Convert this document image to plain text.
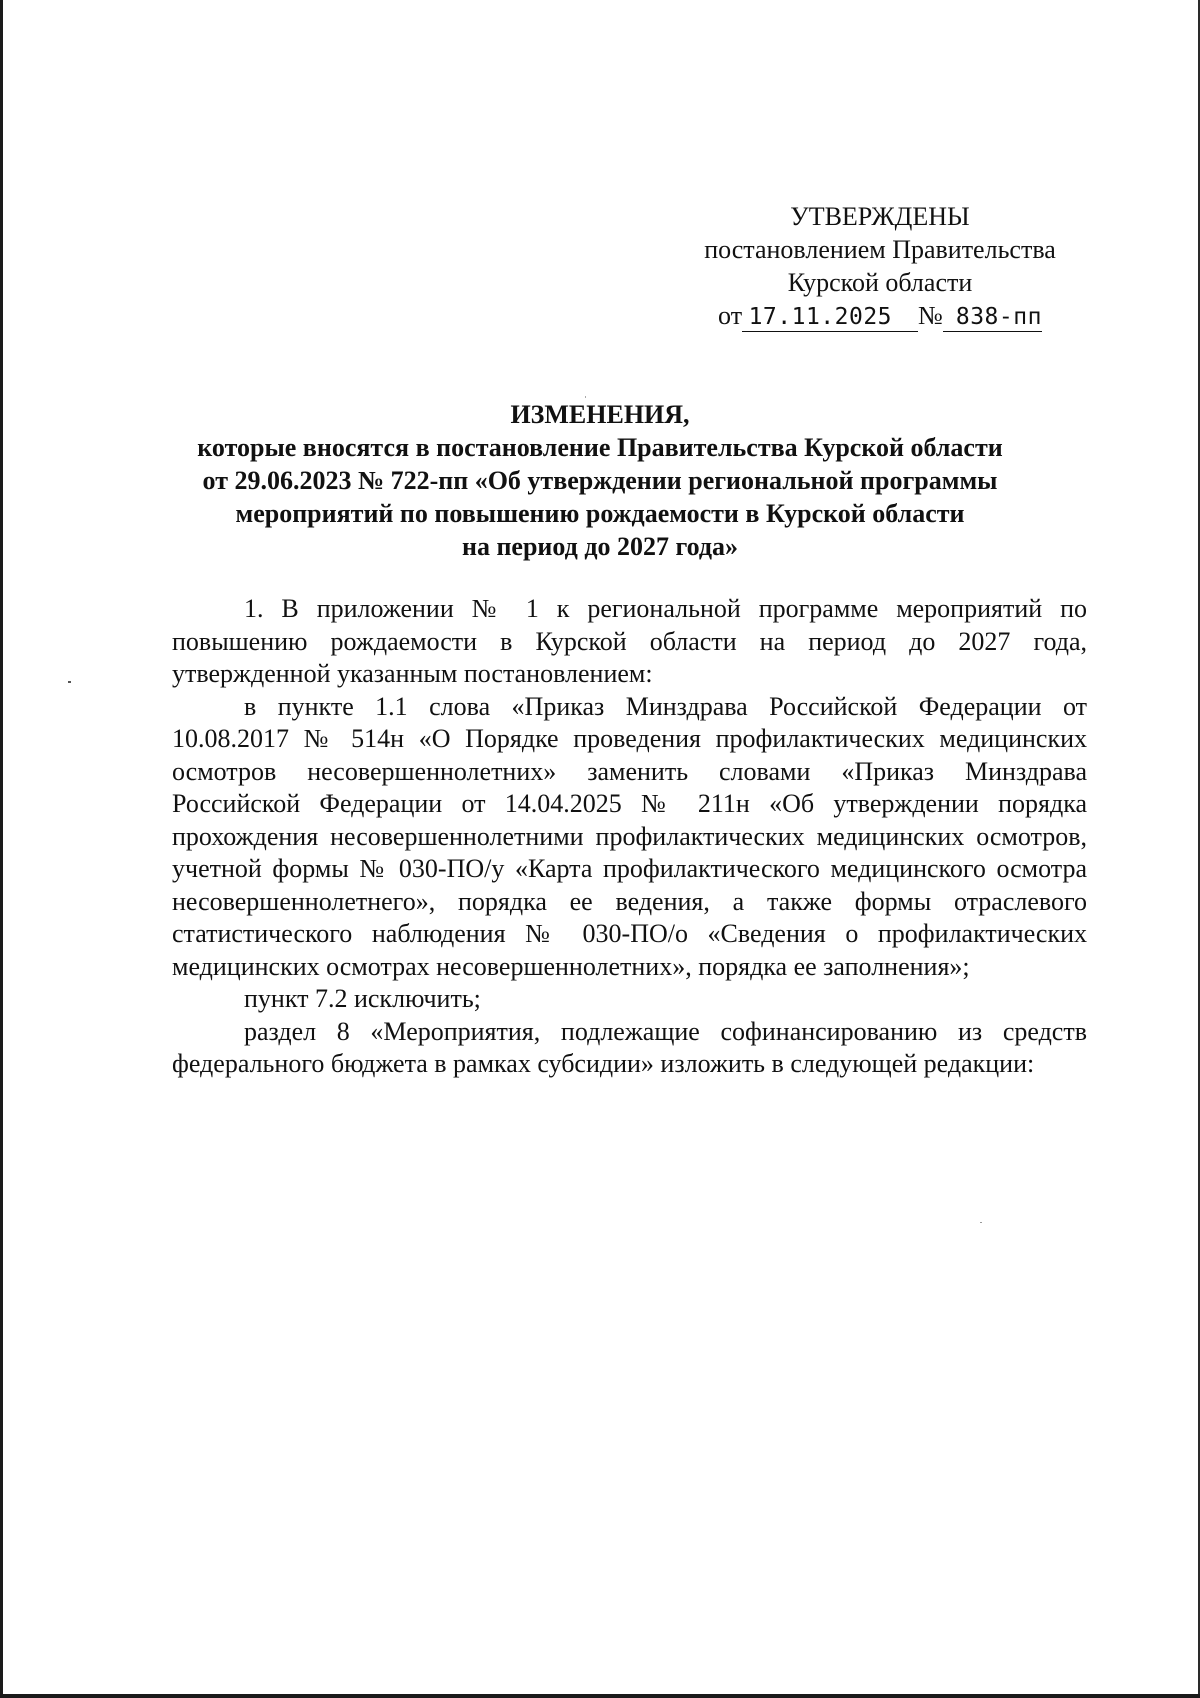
УТВЕРЖДЕНЫ
постановлением Правительства
Курской области
от 17.11.2025 № 838-пп
ИЗМЕНЕНИЯ,
которые вносятся в постановление Правительства Курской области
от 29.06.2023 № 722-пп «Об утверждении региональной программы
мероприятий по повышению рождаемости в Курской области
на период до 2027 года»

1. В приложении № 1 к региональной программе мероприятий по повышению рождаемости в Курской области на период до 2027 года, утвержденной указанным постановлением:

в пункте 1.1 слова «Приказ Минздрава Российской Федерации от 10.08.2017 № 514н «О Порядке проведения профилактических медицинских осмотров несовершеннолетних» заменить словами «Приказ Минздрава Российской Федерации от 14.04.2025 № 211н «Об утверждении порядка прохождения несовершеннолетними профилактических медицинских осмотров, учетной формы № 030-ПО/у «Карта профилактического медицинского осмотра несовершеннолетнего», порядка ее ведения, а также формы отраслевого статистического наблюдения № 030-ПО/о «Сведения о профилактических медицинских осмотрах несовершеннолетних», порядка ее заполнения»;

пункт 7.2 исключить;

раздел 8 «Мероприятия, подлежащие софинансированию из средств федерального бюджета в рамках субсидии» изложить в следующей редакции:
